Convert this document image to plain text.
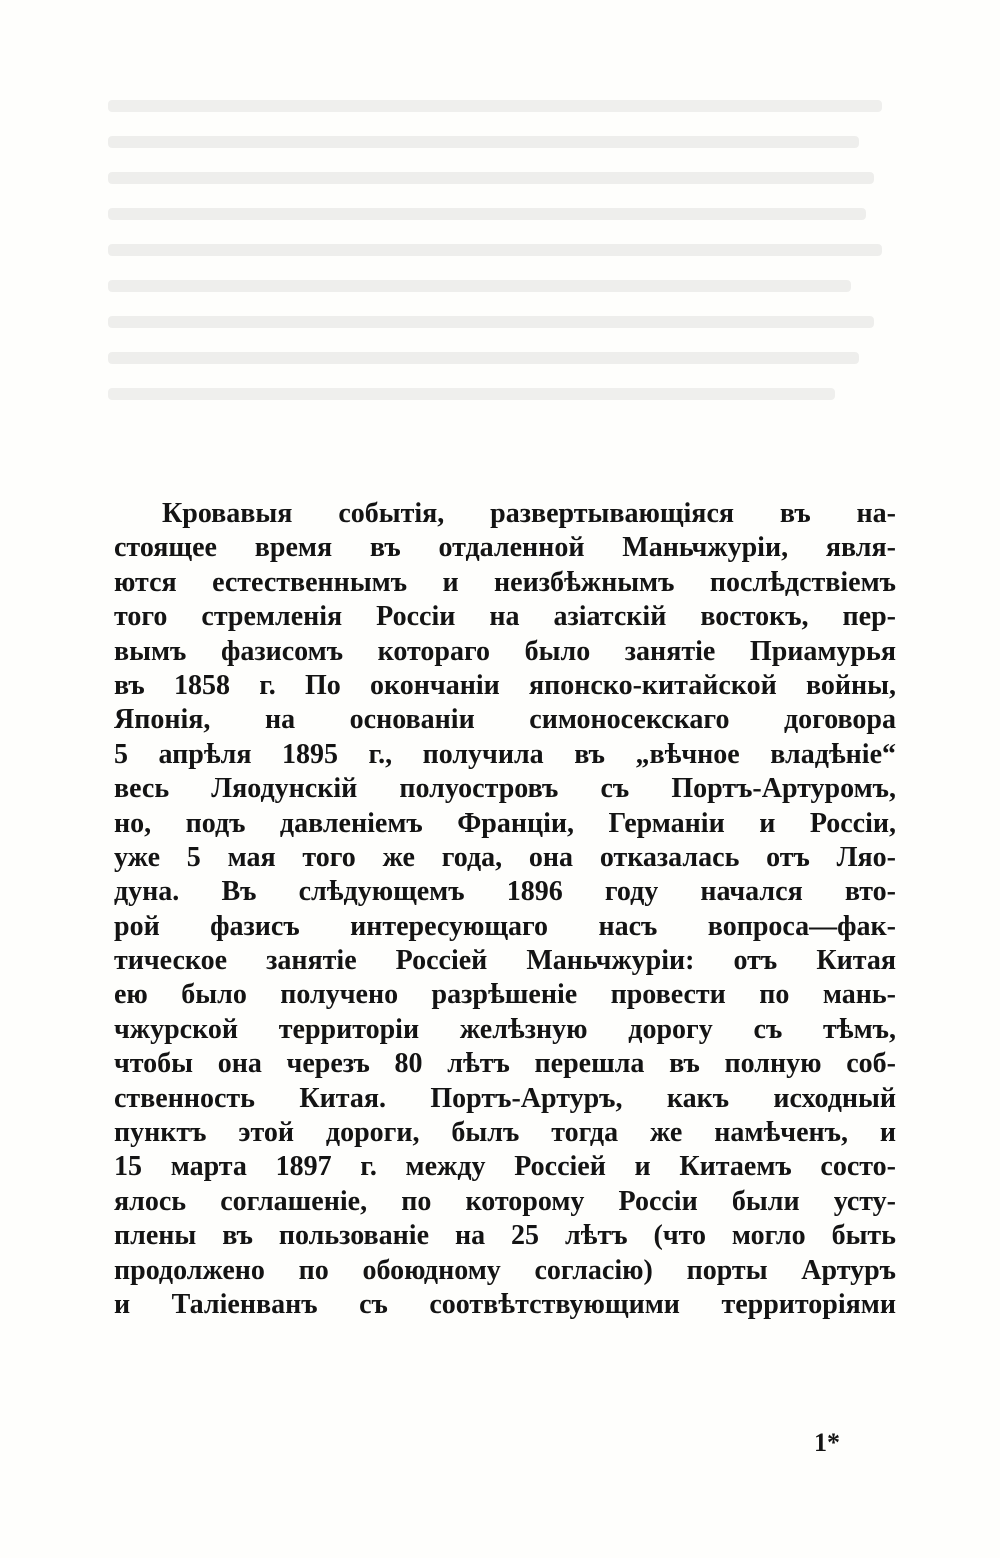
Кровавыя событія, развертывающіяся въ на-
стоящее время въ отдаленной Маньчжуріи, явля-
ются естественнымъ и неизбѣжнымъ послѣдствіемъ
того стремленія Россіи на азіатскій востокъ, пер-
вымъ фазисомъ котораго было занятіе Приамурья
въ 1858 г. По окончаніи японско-китайской войны,
Японія, на основаніи симоносекскаго договора
5 апрѣля 1895 г., получила въ „вѣчное владѣніе“
весь Ляодунскій полуостровъ съ Портъ-Артуромъ,
но, подъ давленіемъ Франціи, Германіи и Россіи,
уже 5 мая того же года, она отказалась отъ Ляо-
дуна. Въ слѣдующемъ 1896 году начался вто-
рой фазисъ интересующаго насъ вопроса—фак-
тическое занятіе Россіей Маньчжуріи: отъ Китая
ею было получено разрѣшеніе провести по мань-
чжурской территоріи желѣзную дорогу съ тѣмъ,
чтобы она черезъ 80 лѣтъ перешла въ полную соб-
ственность Китая. Портъ-Артуръ, какъ исходный
пунктъ этой дороги, былъ тогда же намѣченъ, и
15 марта 1897 г. между Россіей и Китаемъ состо-
ялось соглашеніе, по которому Россіи были усту-
плены въ пользованіе на 25 лѣтъ (что могло быть
продолжено по обоюдному согласію) порты Артуръ
и Таліенванъ съ соотвѣтствующими территоріями
1*
